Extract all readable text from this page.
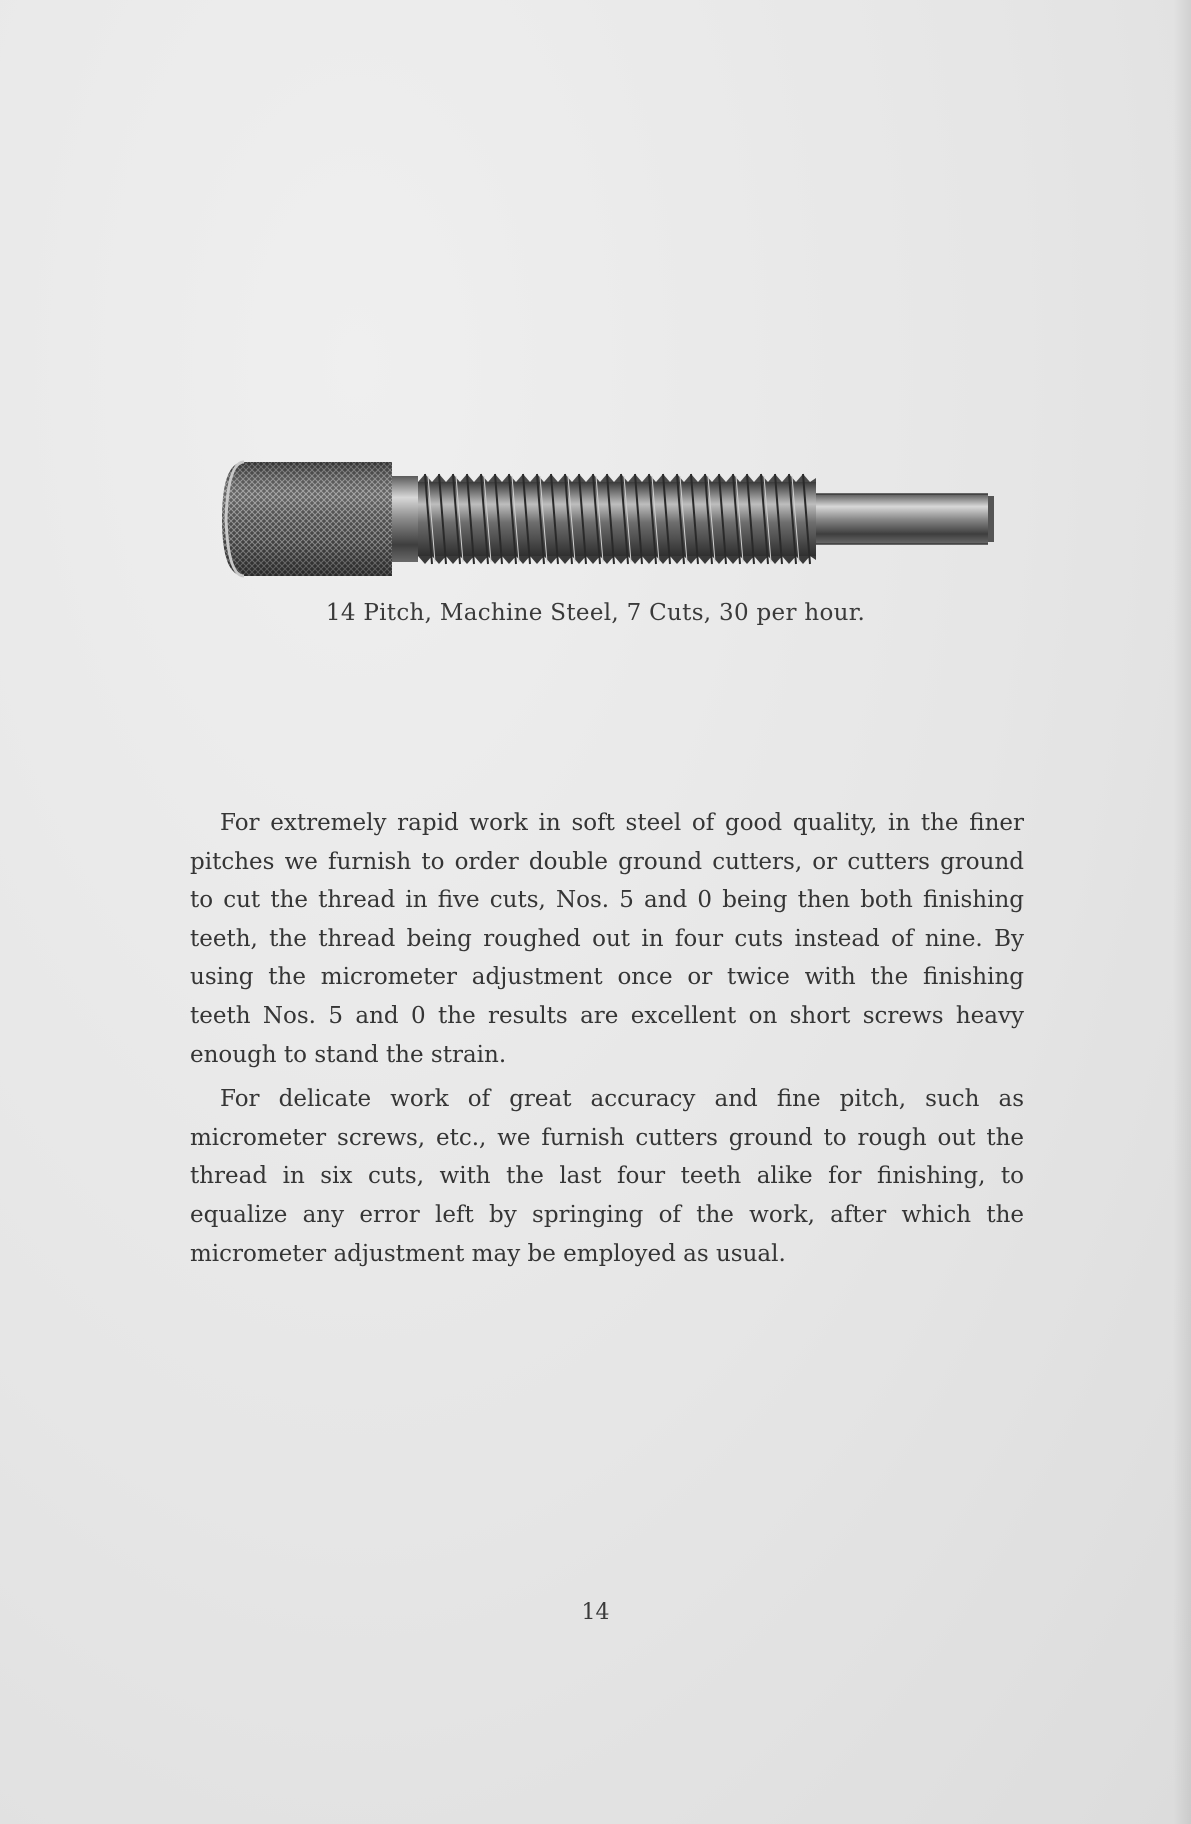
14 Pitch, Machine Steel, 7 Cuts, 30 per hour.

For extremely rapid work in soft steel of good quality, in the finer pitches we furnish to order double ground cutters, or cutters ground to cut the thread in five cuts, Nos. 5 and 0 being then both finishing teeth, the thread being roughed out in four cuts instead of nine. By using the micrometer adjustment once or twice with the finishing teeth Nos. 5 and 0 the results are excellent on short screws heavy enough to stand the strain.

For delicate work of great accuracy and fine pitch, such as micrometer screws, etc., we furnish cutters ground to rough out the thread in six cuts, with the last four teeth alike for finishing, to equalize any error left by springing of the work, after which the micrometer adjustment may be employed as usual.

14
